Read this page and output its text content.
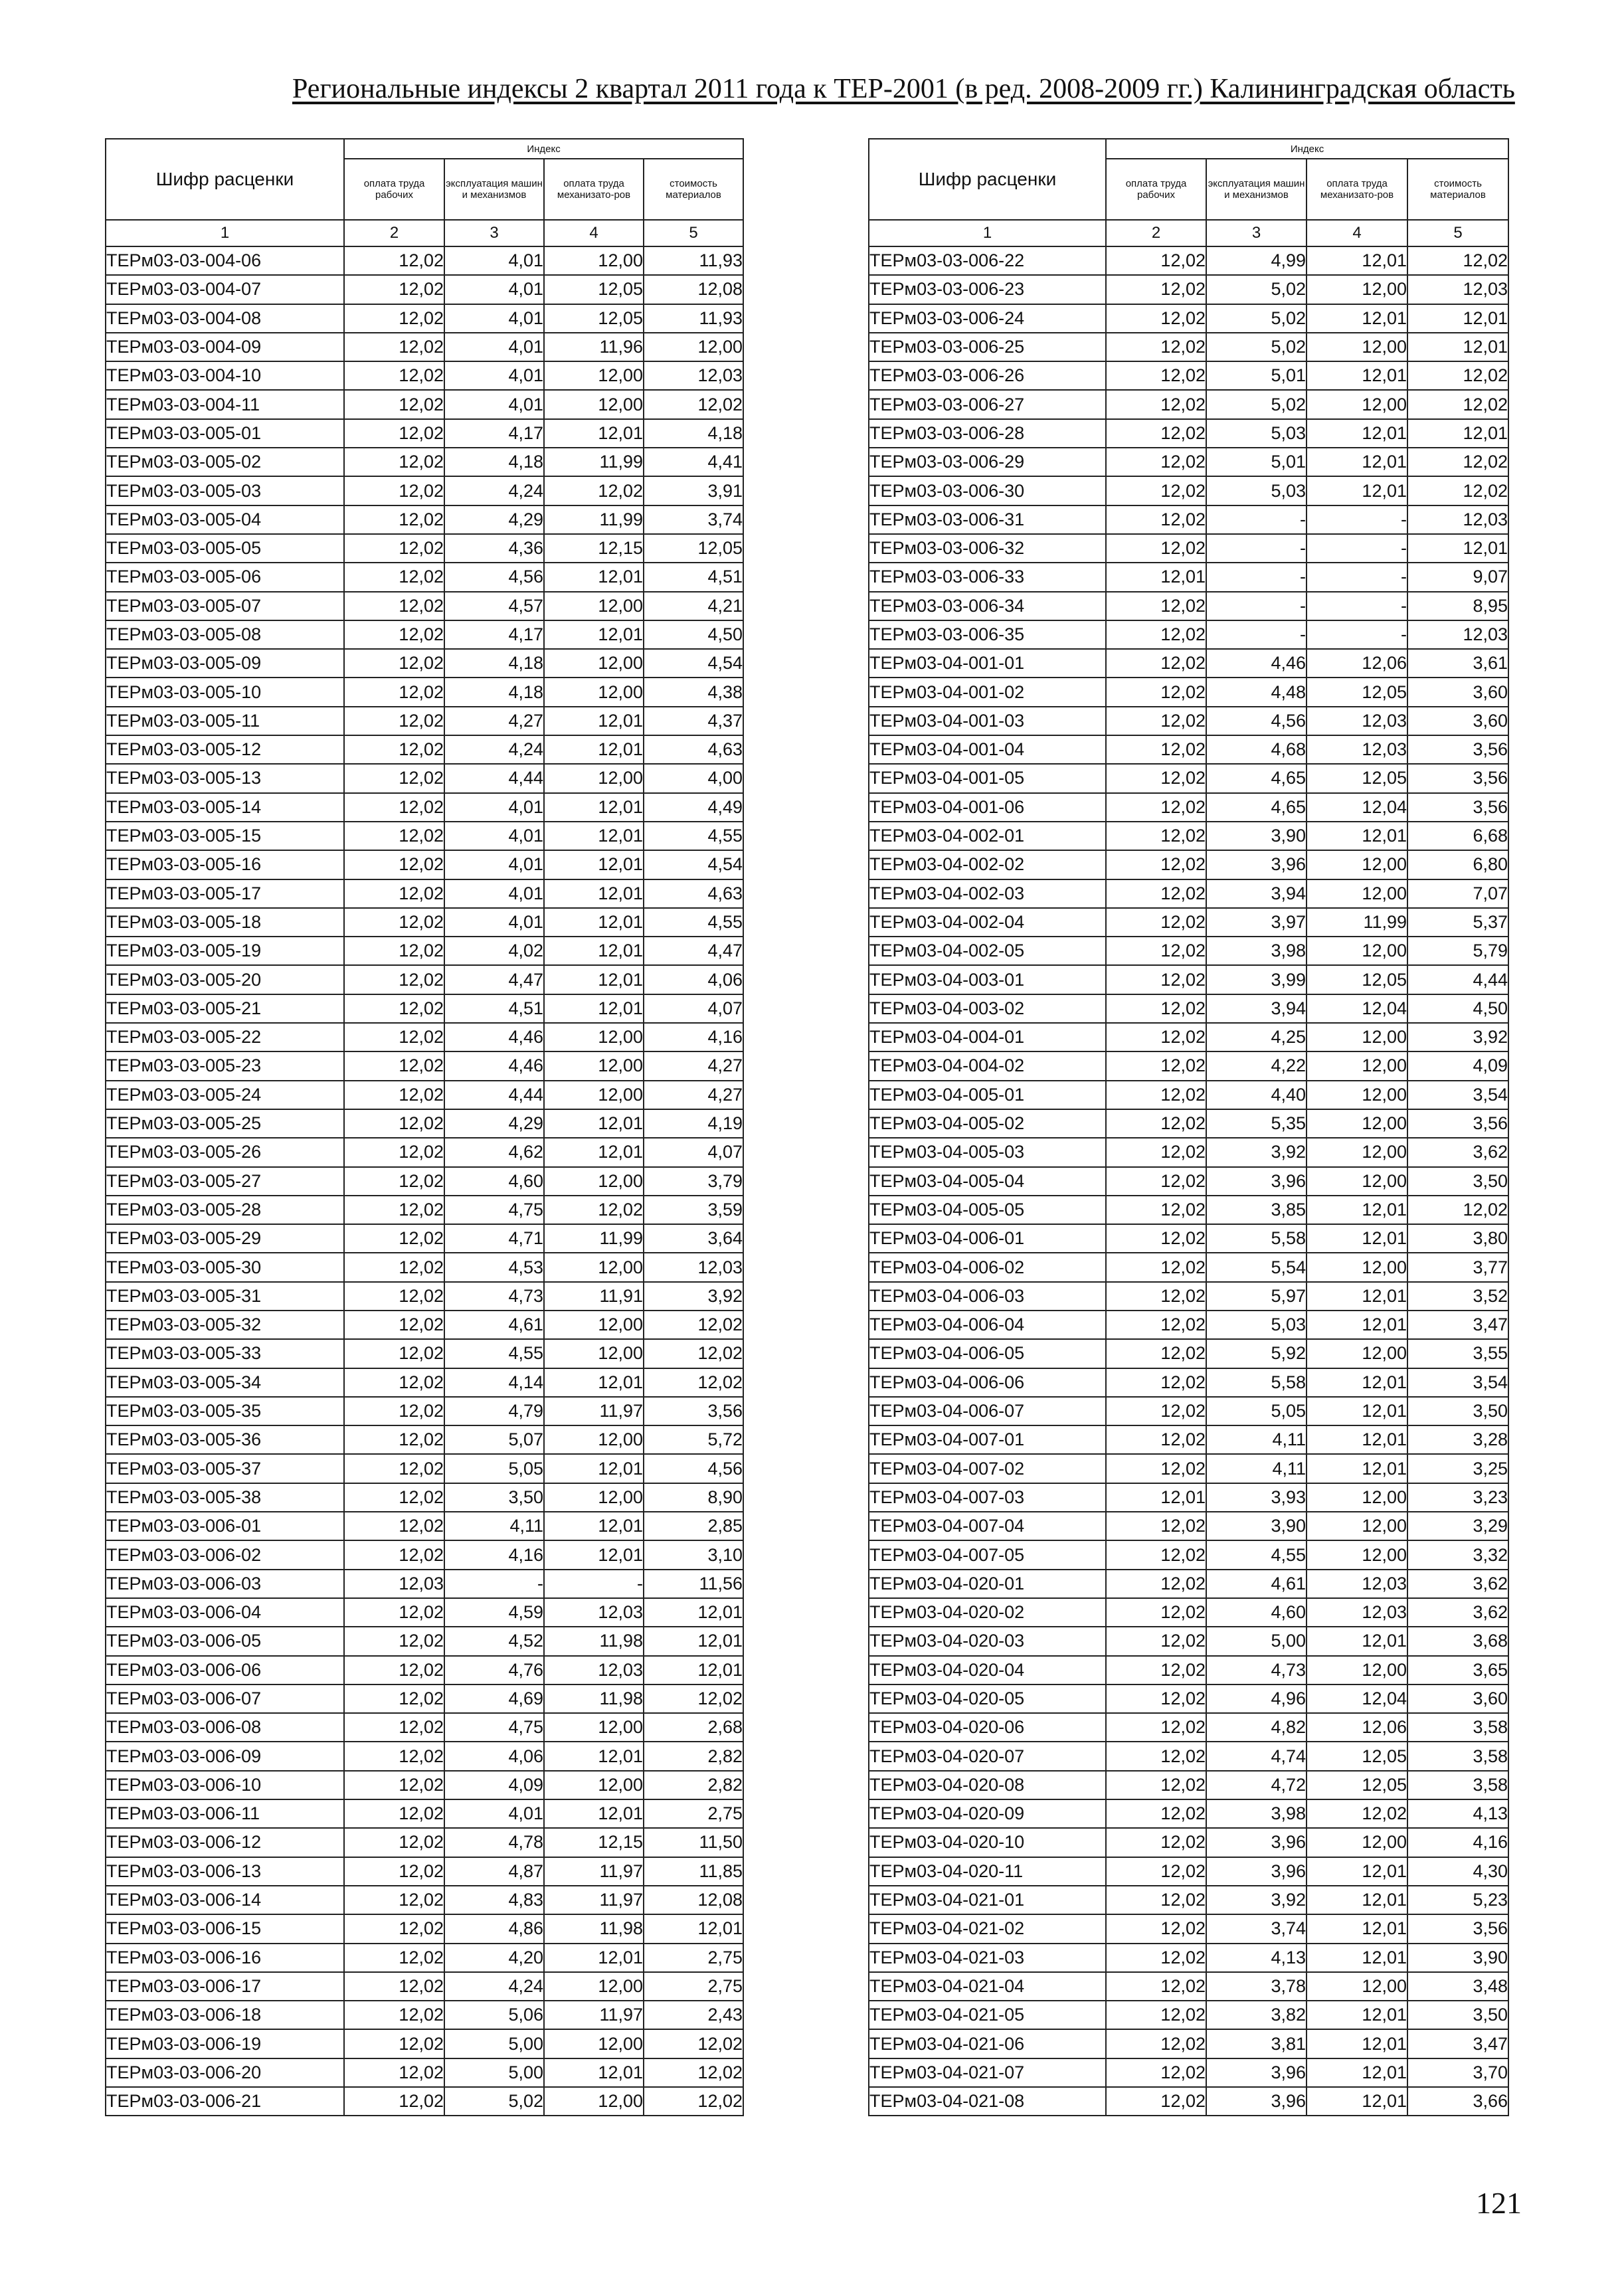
Региональные индексы 2 квартал 2011 года к ТЕР-2001 (в ред. 2008-2009 гг.) Калининградская область
Шифр расценки	Индекс			
	оплата труда рабочих	эксплуатация машин и механизмов	оплата труда механизато-ров	стоимость материалов
1	2	3	4	5
ТЕРм03-03-004-06	12,02	4,01	12,00	11,93
ТЕРм03-03-004-07	12,02	4,01	12,05	12,08
ТЕРм03-03-004-08	12,02	4,01	12,05	11,93
ТЕРм03-03-004-09	12,02	4,01	11,96	12,00
ТЕРм03-03-004-10	12,02	4,01	12,00	12,03
ТЕРм03-03-004-11	12,02	4,01	12,00	12,02
ТЕРм03-03-005-01	12,02	4,17	12,01	4,18
ТЕРм03-03-005-02	12,02	4,18	11,99	4,41
ТЕРм03-03-005-03	12,02	4,24	12,02	3,91
ТЕРм03-03-005-04	12,02	4,29	11,99	3,74
ТЕРм03-03-005-05	12,02	4,36	12,15	12,05
ТЕРм03-03-005-06	12,02	4,56	12,01	4,51
ТЕРм03-03-005-07	12,02	4,57	12,00	4,21
ТЕРм03-03-005-08	12,02	4,17	12,01	4,50
ТЕРм03-03-005-09	12,02	4,18	12,00	4,54
ТЕРм03-03-005-10	12,02	4,18	12,00	4,38
ТЕРм03-03-005-11	12,02	4,27	12,01	4,37
ТЕРм03-03-005-12	12,02	4,24	12,01	4,63
ТЕРм03-03-005-13	12,02	4,44	12,00	4,00
ТЕРм03-03-005-14	12,02	4,01	12,01	4,49
ТЕРм03-03-005-15	12,02	4,01	12,01	4,55
ТЕРм03-03-005-16	12,02	4,01	12,01	4,54
ТЕРм03-03-005-17	12,02	4,01	12,01	4,63
ТЕРм03-03-005-18	12,02	4,01	12,01	4,55
ТЕРм03-03-005-19	12,02	4,02	12,01	4,47
ТЕРм03-03-005-20	12,02	4,47	12,01	4,06
ТЕРм03-03-005-21	12,02	4,51	12,01	4,07
ТЕРм03-03-005-22	12,02	4,46	12,00	4,16
ТЕРм03-03-005-23	12,02	4,46	12,00	4,27
ТЕРм03-03-005-24	12,02	4,44	12,00	4,27
ТЕРм03-03-005-25	12,02	4,29	12,01	4,19
ТЕРм03-03-005-26	12,02	4,62	12,01	4,07
ТЕРм03-03-005-27	12,02	4,60	12,00	3,79
ТЕРм03-03-005-28	12,02	4,75	12,02	3,59
ТЕРм03-03-005-29	12,02	4,71	11,99	3,64
ТЕРм03-03-005-30	12,02	4,53	12,00	12,03
ТЕРм03-03-005-31	12,02	4,73	11,91	3,92
ТЕРм03-03-005-32	12,02	4,61	12,00	12,02
ТЕРм03-03-005-33	12,02	4,55	12,00	12,02
ТЕРм03-03-005-34	12,02	4,14	12,01	12,02
ТЕРм03-03-005-35	12,02	4,79	11,97	3,56
ТЕРм03-03-005-36	12,02	5,07	12,00	5,72
ТЕРм03-03-005-37	12,02	5,05	12,01	4,56
ТЕРм03-03-005-38	12,02	3,50	12,00	8,90
ТЕРм03-03-006-01	12,02	4,11	12,01	2,85
ТЕРм03-03-006-02	12,02	4,16	12,01	3,10
ТЕРм03-03-006-03	12,03	-	-	11,56
ТЕРм03-03-006-04	12,02	4,59	12,03	12,01
ТЕРм03-03-006-05	12,02	4,52	11,98	12,01
ТЕРм03-03-006-06	12,02	4,76	12,03	12,01
ТЕРм03-03-006-07	12,02	4,69	11,98	12,02
ТЕРм03-03-006-08	12,02	4,75	12,00	2,68
ТЕРм03-03-006-09	12,02	4,06	12,01	2,82
ТЕРм03-03-006-10	12,02	4,09	12,00	2,82
ТЕРм03-03-006-11	12,02	4,01	12,01	2,75
ТЕРм03-03-006-12	12,02	4,78	12,15	11,50
ТЕРм03-03-006-13	12,02	4,87	11,97	11,85
ТЕРм03-03-006-14	12,02	4,83	11,97	12,08
ТЕРм03-03-006-15	12,02	4,86	11,98	12,01
ТЕРм03-03-006-16	12,02	4,20	12,01	2,75
ТЕРм03-03-006-17	12,02	4,24	12,00	2,75
ТЕРм03-03-006-18	12,02	5,06	11,97	2,43
ТЕРм03-03-006-19	12,02	5,00	12,00	12,02
ТЕРм03-03-006-20	12,02	5,00	12,01	12,02
ТЕРм03-03-006-21	12,02	5,02	12,00	12,02
Шифр расценки	Индекс			
	оплата труда рабочих	эксплуатация машин и механизмов	оплата труда механизато-ров	стоимость материалов
1	2	3	4	5
ТЕРм03-03-006-22	12,02	4,99	12,01	12,02
ТЕРм03-03-006-23	12,02	5,02	12,00	12,03
ТЕРм03-03-006-24	12,02	5,02	12,01	12,01
ТЕРм03-03-006-25	12,02	5,02	12,00	12,01
ТЕРм03-03-006-26	12,02	5,01	12,01	12,02
ТЕРм03-03-006-27	12,02	5,02	12,00	12,02
ТЕРм03-03-006-28	12,02	5,03	12,01	12,01
ТЕРм03-03-006-29	12,02	5,01	12,01	12,02
ТЕРм03-03-006-30	12,02	5,03	12,01	12,02
ТЕРм03-03-006-31	12,02	-	-	12,03
ТЕРм03-03-006-32	12,02	-	-	12,01
ТЕРм03-03-006-33	12,01	-	-	9,07
ТЕРм03-03-006-34	12,02	-	-	8,95
ТЕРм03-03-006-35	12,02	-	-	12,03
ТЕРм03-04-001-01	12,02	4,46	12,06	3,61
ТЕРм03-04-001-02	12,02	4,48	12,05	3,60
ТЕРм03-04-001-03	12,02	4,56	12,03	3,60
ТЕРм03-04-001-04	12,02	4,68	12,03	3,56
ТЕРм03-04-001-05	12,02	4,65	12,05	3,56
ТЕРм03-04-001-06	12,02	4,65	12,04	3,56
ТЕРм03-04-002-01	12,02	3,90	12,01	6,68
ТЕРм03-04-002-02	12,02	3,96	12,00	6,80
ТЕРм03-04-002-03	12,02	3,94	12,00	7,07
ТЕРм03-04-002-04	12,02	3,97	11,99	5,37
ТЕРм03-04-002-05	12,02	3,98	12,00	5,79
ТЕРм03-04-003-01	12,02	3,99	12,05	4,44
ТЕРм03-04-003-02	12,02	3,94	12,04	4,50
ТЕРм03-04-004-01	12,02	4,25	12,00	3,92
ТЕРм03-04-004-02	12,02	4,22	12,00	4,09
ТЕРм03-04-005-01	12,02	4,40	12,00	3,54
ТЕРм03-04-005-02	12,02	5,35	12,00	3,56
ТЕРм03-04-005-03	12,02	3,92	12,00	3,62
ТЕРм03-04-005-04	12,02	3,96	12,00	3,50
ТЕРм03-04-005-05	12,02	3,85	12,01	12,02
ТЕРм03-04-006-01	12,02	5,58	12,01	3,80
ТЕРм03-04-006-02	12,02	5,54	12,00	3,77
ТЕРм03-04-006-03	12,02	5,97	12,01	3,52
ТЕРм03-04-006-04	12,02	5,03	12,01	3,47
ТЕРм03-04-006-05	12,02	5,92	12,00	3,55
ТЕРм03-04-006-06	12,02	5,58	12,01	3,54
ТЕРм03-04-006-07	12,02	5,05	12,01	3,50
ТЕРм03-04-007-01	12,02	4,11	12,01	3,28
ТЕРм03-04-007-02	12,02	4,11	12,01	3,25
ТЕРм03-04-007-03	12,01	3,93	12,00	3,23
ТЕРм03-04-007-04	12,02	3,90	12,00	3,29
ТЕРм03-04-007-05	12,02	4,55	12,00	3,32
ТЕРм03-04-020-01	12,02	4,61	12,03	3,62
ТЕРм03-04-020-02	12,02	4,60	12,03	3,62
ТЕРм03-04-020-03	12,02	5,00	12,01	3,68
ТЕРм03-04-020-04	12,02	4,73	12,00	3,65
ТЕРм03-04-020-05	12,02	4,96	12,04	3,60
ТЕРм03-04-020-06	12,02	4,82	12,06	3,58
ТЕРм03-04-020-07	12,02	4,74	12,05	3,58
ТЕРм03-04-020-08	12,02	4,72	12,05	3,58
ТЕРм03-04-020-09	12,02	3,98	12,02	4,13
ТЕРм03-04-020-10	12,02	3,96	12,00	4,16
ТЕРм03-04-020-11	12,02	3,96	12,01	4,30
ТЕРм03-04-021-01	12,02	3,92	12,01	5,23
ТЕРм03-04-021-02	12,02	3,74	12,01	3,56
ТЕРм03-04-021-03	12,02	4,13	12,01	3,90
ТЕРм03-04-021-04	12,02	3,78	12,00	3,48
ТЕРм03-04-021-05	12,02	3,82	12,01	3,50
ТЕРм03-04-021-06	12,02	3,81	12,01	3,47
ТЕРм03-04-021-07	12,02	3,96	12,01	3,70
ТЕРм03-04-021-08	12,02	3,96	12,01	3,66
121
